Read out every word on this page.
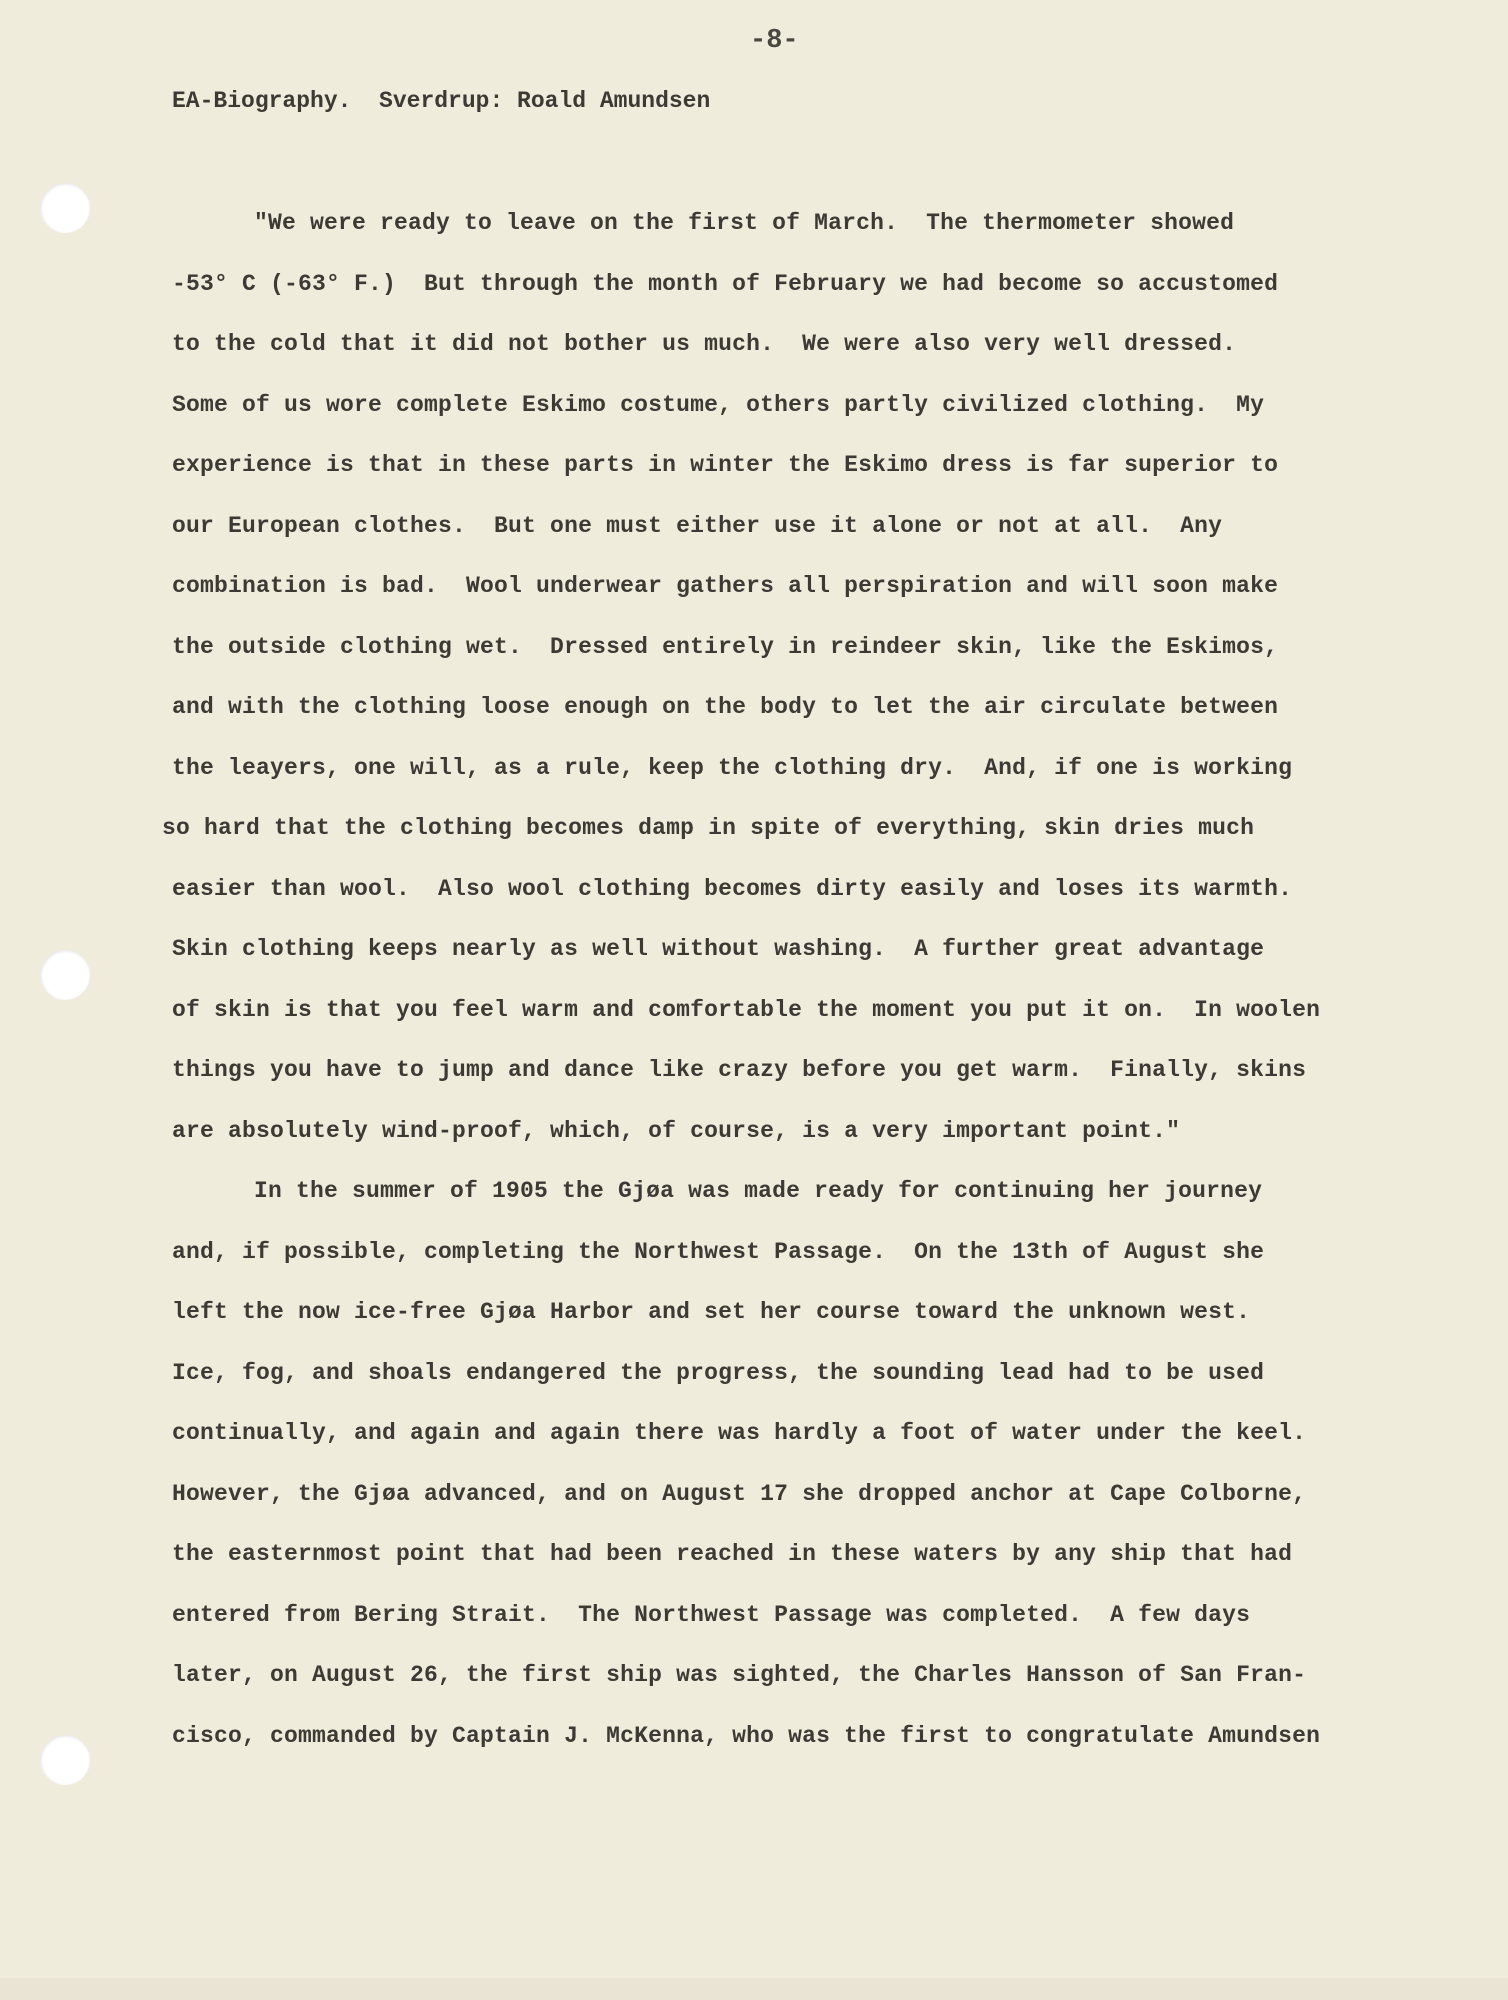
-8-
EA-Biography.  Sverdrup: Roald Amundsen
"We were ready to leave on the first of March.  The thermometer showed
-53° C (-63° F.)  But through the month of February we had become so accustomed
to the cold that it did not bother us much.  We were also very well dressed.
Some of us wore complete Eskimo costume, others partly civilized clothing.  My
experience is that in these parts in winter the Eskimo dress is far superior to
our European clothes.  But one must either use it alone or not at all.  Any
combination is bad.  Wool underwear gathers all perspiration and will soon make
the outside clothing wet.  Dressed entirely in reindeer skin, like the Eskimos,
and with the clothing loose enough on the body to let the air circulate between
the leayers, one will, as a rule, keep the clothing dry.  And, if one is working
so hard that the clothing becomes damp in spite of everything, skin dries much
easier than wool.  Also wool clothing becomes dirty easily and loses its warmth.
Skin clothing keeps nearly as well without washing.  A further great advantage
of skin is that you feel warm and comfortable the moment you put it on.  In woolen
things you have to jump and dance like crazy before you get warm.  Finally, skins
are absolutely wind-proof, which, of course, is a very important point."
In the summer of 1905 the Gjøa was made ready for continuing her journey
and, if possible, completing the Northwest Passage.  On the 13th of August she
left the now ice-free Gjøa Harbor and set her course toward the unknown west.
Ice, fog, and shoals endangered the progress, the sounding lead had to be used
continually, and again and again there was hardly a foot of water under the keel.
However, the Gjøa advanced, and on August 17 she dropped anchor at Cape Colborne,
the easternmost point that had been reached in these waters by any ship that had
entered from Bering Strait.  The Northwest Passage was completed.  A few days
later, on August 26, the first ship was sighted, the Charles Hansson of San Fran-
cisco, commanded by Captain J. McKenna, who was the first to congratulate Amundsen
